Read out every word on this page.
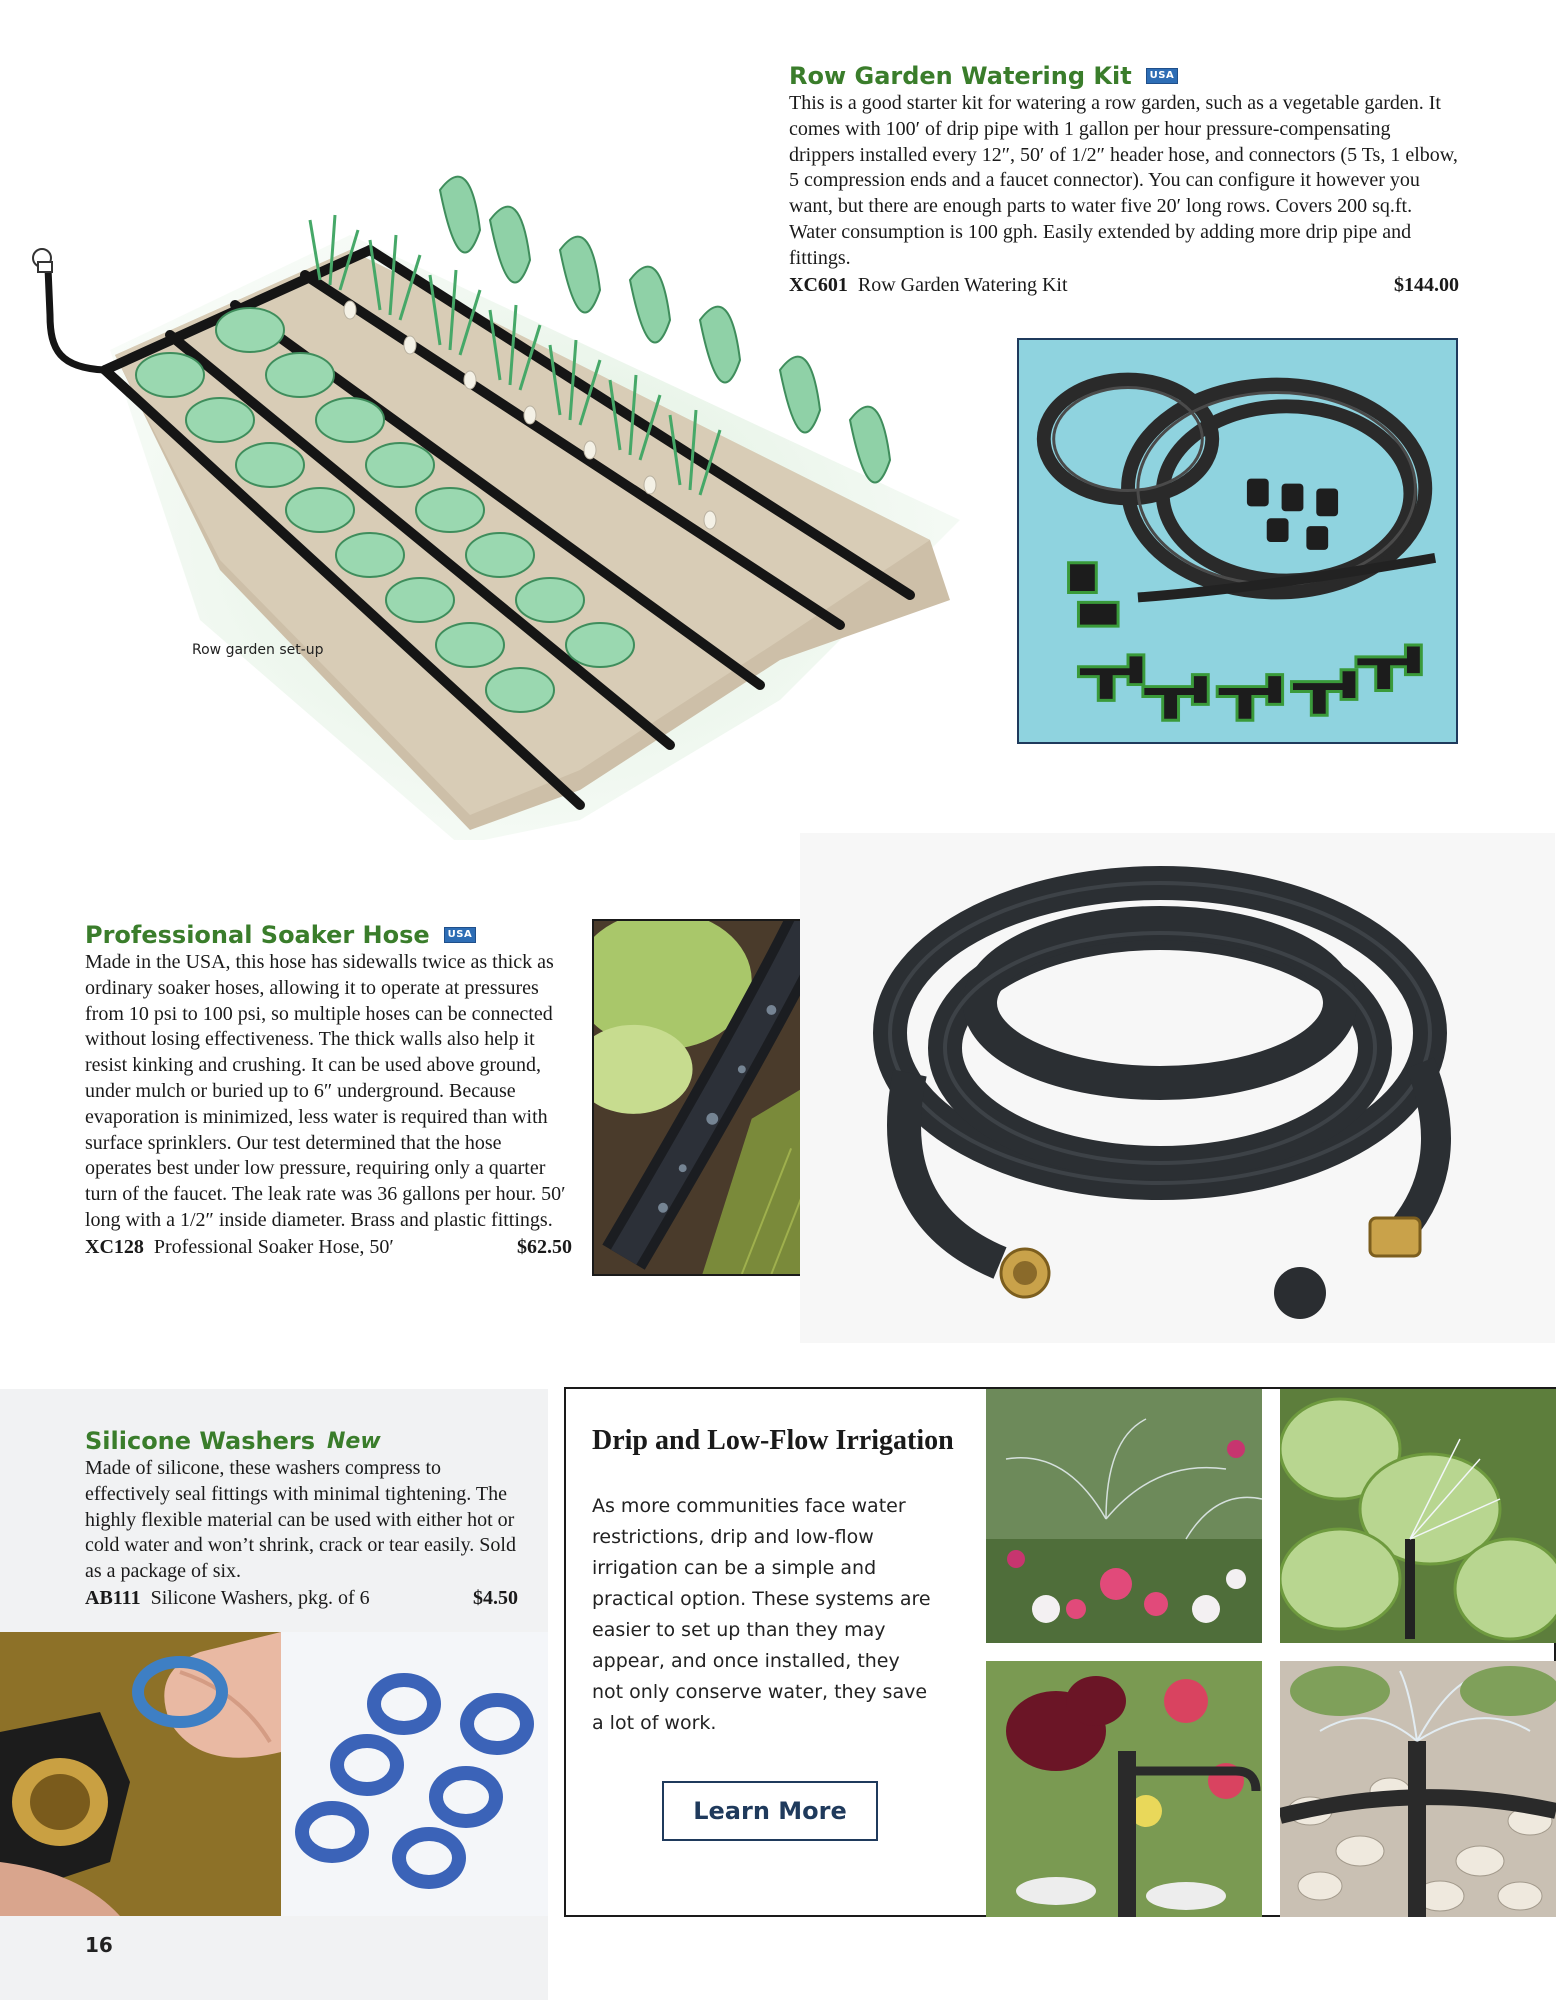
Row garden set-up
Row Garden Watering Kit	USA

This is a good starter kit for watering a row garden, such as a vegetable garden. It comes with 100′ of drip pipe with 1 gallon per hour pressure-compensating drippers installed every 12″, 50′ of 1/2″ header hose, and connectors (5 Ts, 1 elbow, 5 compression ends and a faucet connector). You can configure it however you want, but there are enough parts to water five 20′ long rows. Covers 200 sq.ft. Water consumption is 100 gph. Easily extended by adding more drip pipe and fittings.

XC601 Row Garden Watering Kit	$144.00
Professional Soaker Hose	USA

Made in the USA, this hose has sidewalls twice as thick as ordinary soaker hoses, allowing it to operate at pressures from 10 psi to 100 psi, so multiple hoses can be connected without losing effectiveness. The thick walls also help it resist kinking and crushing. It can be used above ground, under mulch or buried up to 6″ underground. Because evaporation is minimized, less water is required than with surface sprinklers. Our test determined that the hose operates best under low pressure, requiring only a quarter turn of the faucet. The leak rate was 36 gallons per hour. 50′ long with a 1/2″ inside diameter. Brass and plastic fittings.

XC128 Professional Soaker Hose, 50′	$62.50
Silicone Washers New

Made of silicone, these washers compress to effectively seal fittings with minimal tightening. The highly flexible material can be used with either hot or cold water and won’t shrink, crack or tear easily. Sold as a package of six.

AB111 Silicone Washers, pkg. of 6	$4.50
16
Drip and Low-Flow Irrigation

As more communities face water restrictions, drip and low-flow irrigation can be a simple and practical option. These systems are easier to set up than they may appear, and once installed, they not only conserve water, they save a lot of work.

Learn More
